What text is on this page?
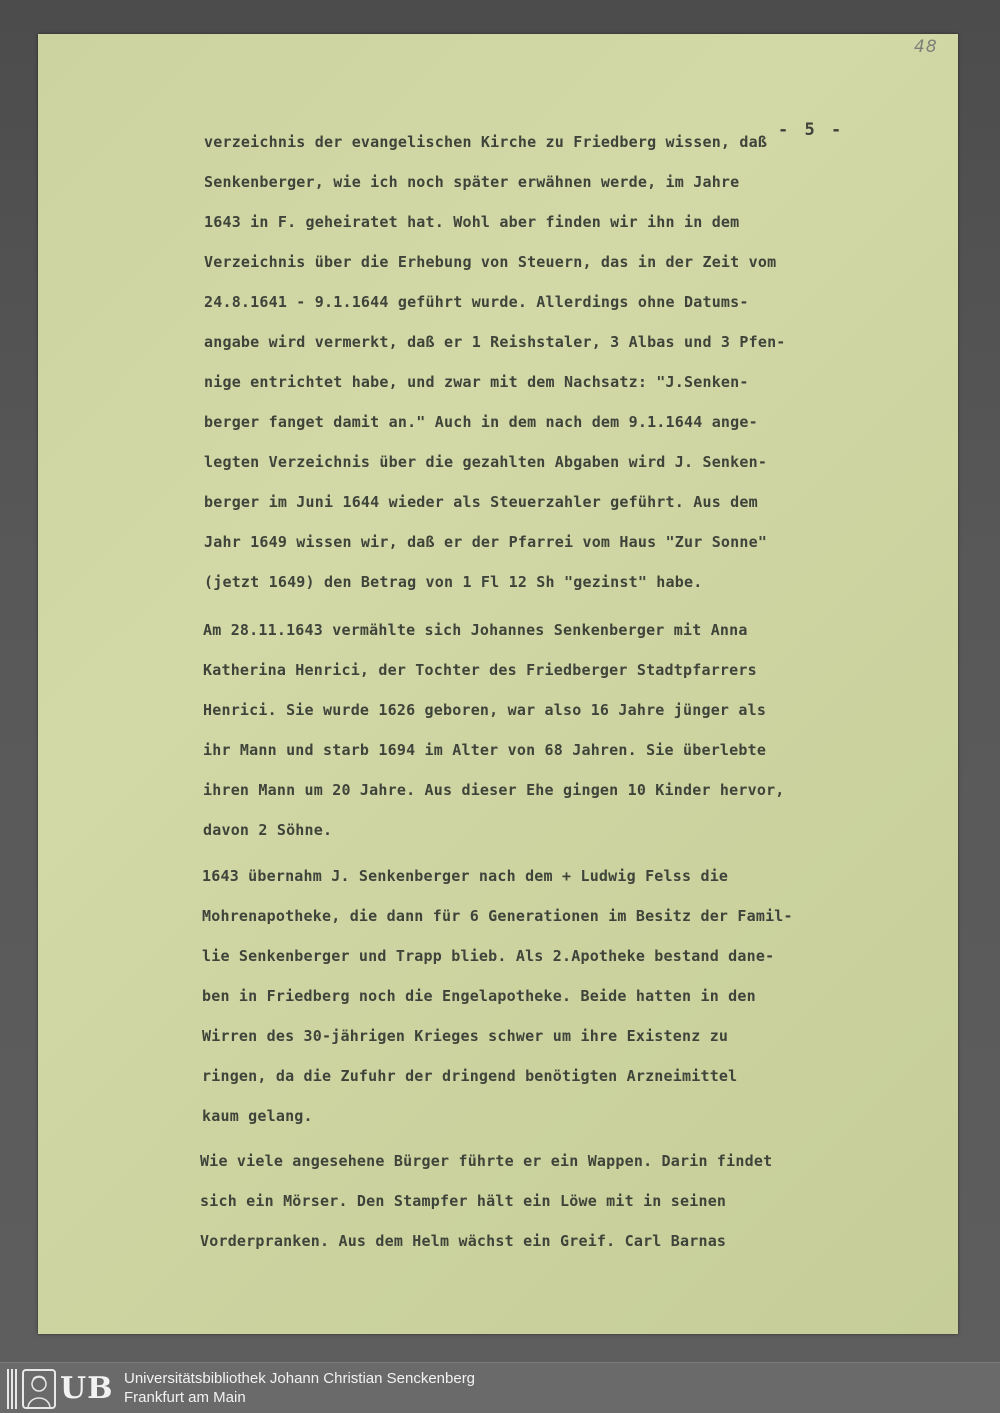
48
- 5 -
verzeichnis der evangelischen Kirche zu Friedberg wissen, daß
Senkenberger, wie ich noch später erwähnen werde, im Jahre
1643 in F. geheiratet hat. Wohl aber finden wir ihn in dem
Verzeichnis über die Erhebung von Steuern, das in der Zeit vom
24.8.1641 - 9.1.1644 geführt wurde. Allerdings ohne Datums-
angabe wird vermerkt, daß er 1 Reishstaler, 3 Albas und 3 Pfen-
nige entrichtet habe, und zwar mit dem Nachsatz: "J.Senken-
berger fanget damit an." Auch in dem nach dem 9.1.1644 ange-
legten Verzeichnis über die gezahlten Abgaben wird J. Senken-
berger im Juni 1644 wieder als Steuerzahler geführt. Aus dem
Jahr 1649 wissen wir, daß er der Pfarrei vom Haus "Zur Sonne"
(jetzt 1649) den Betrag von 1 Fl 12 Sh "gezinst" habe.
Am 28.11.1643 vermählte sich Johannes Senkenberger mit Anna
Katherina Henrici, der Tochter des Friedberger Stadtpfarrers
Henrici. Sie wurde 1626 geboren, war also 16 Jahre jünger als
ihr Mann und starb 1694 im Alter von 68 Jahren. Sie überlebte
ihren Mann um 20 Jahre. Aus dieser Ehe gingen 10 Kinder hervor,
davon 2 Söhne.
1643 übernahm J. Senkenberger nach dem + Ludwig Felss die
Mohrenapotheke, die dann für 6 Generationen im Besitz der Famil-
lie Senkenberger und Trapp blieb. Als 2.Apotheke bestand dane-
ben in Friedberg noch die Engelapotheke. Beide hatten in den
Wirren des 30-jährigen Krieges schwer um ihre Existenz zu
ringen, da die Zufuhr der dringend benötigten Arzneimittel
kaum gelang.
Wie viele angesehene Bürger führte er ein Wappen. Darin findet
sich ein Mörser. Den Stampfer hält ein Löwe mit in seinen
Vorderpranken. Aus dem Helm wächst ein Greif. Carl Barnas
UB Universitätsbibliothek Johann Christian Senckenberg
Frankfurt am Main
